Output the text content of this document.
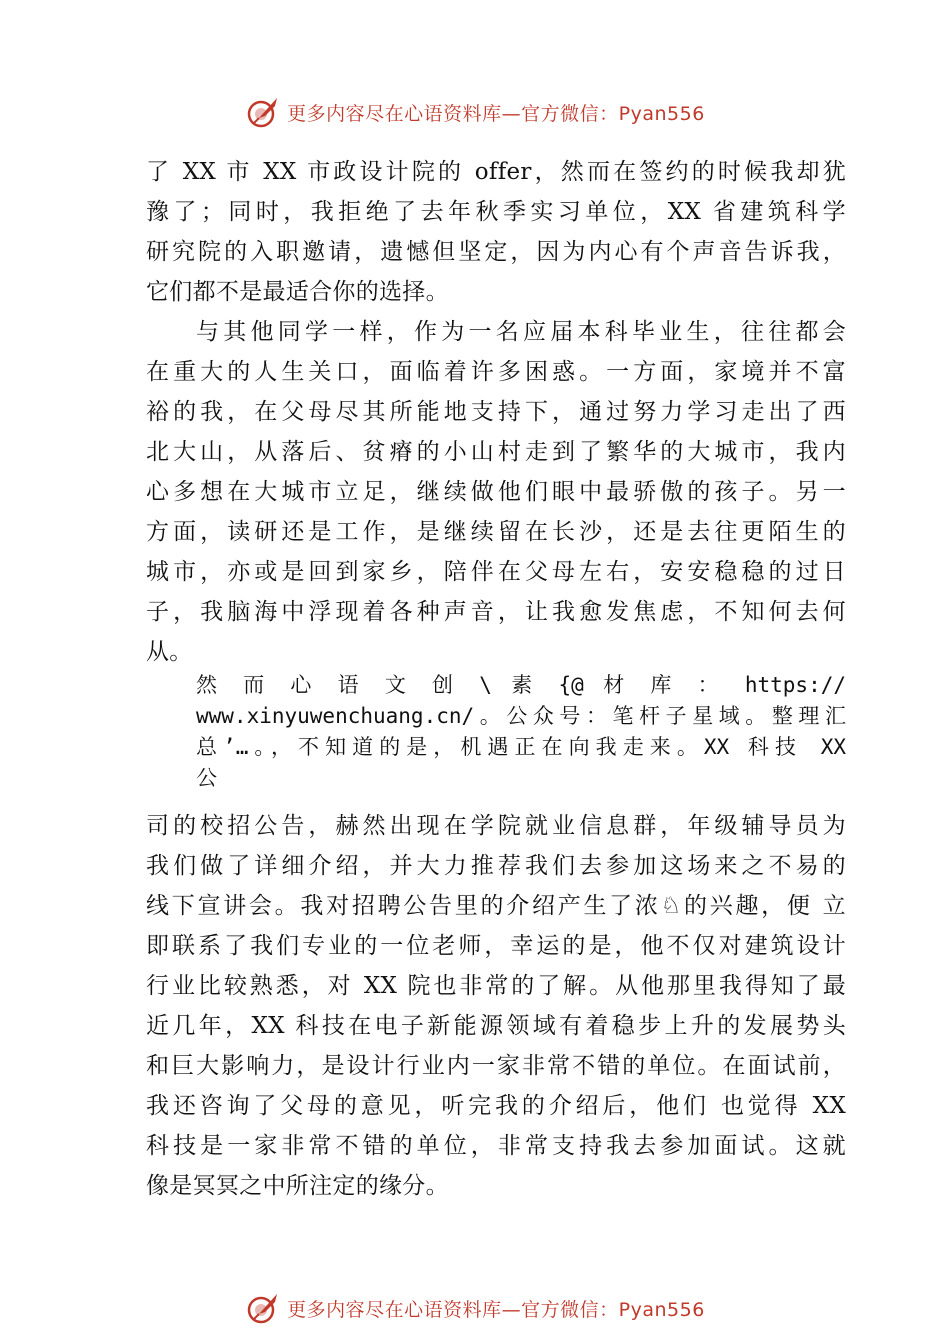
更多内容尽在心语资料库—官方微信：Pyan556
了 XX 市 XX 市政设计院的 offer，然而在签约的时候我却犹
豫了；同时，我拒绝了去年秋季实习单位，XX 省建筑科学
研究院的入职邀请，遗憾但坚定，因为内心有个声音告诉我，
它们都不是最适合你的选择。
与其他同学一样，作为一名应届本科毕业生，往往都会
在重大的人生关口，面临着许多困惑。一方面，家境并不富
裕的我，在父母尽其所能地支持下，通过努力学习走出了西
北大山，从落后、贫瘠的小山村走到了繁华的大城市，我内
心多想在大城市立足，继续做他们眼中最骄傲的孩子。另一
方面，读研还是工作，是继续留在长沙，还是去往更陌生的
城市，亦或是回到家乡，陪伴在父母左右，安安稳稳的过日
子，我脑海中浮现着各种声音，让我愈发焦虑，不知何去何
从。
然 而 心 语 文 创 \ 素 {@ 材 库 ： https://
www.xinyuwenchuang.cn/。公众号：笔杆子星域。整理汇
总’…。，不知道的是，机遇正在向我走来。XX 科技 XX
公
司的校招公告，赫然出现在学院就业信息群，年级辅导员为
我们做了详细介绍，并大力推荐我们去参加这场来之不易的
线下宣讲会。我对招聘公告里的介绍产生了浓♘的兴趣，便 立
即联系了我们专业的一位老师，幸运的是，他不仅对建筑设计
行业比较熟悉，对 XX 院也非常的了解。从他那里我得知了最
近几年，XX 科技在电子新能源领域有着稳步上升的发展势头
和巨大影响力，是设计行业内一家非常不错的单位。在面试前，
我还咨询了父母的意见，听完我的介绍后，他们 也觉得 XX
科技是一家非常不错的单位，非常支持我去参加面试。这就
像是冥冥之中所注定的缘分。
更多内容尽在心语资料库—官方微信：Pyan556
